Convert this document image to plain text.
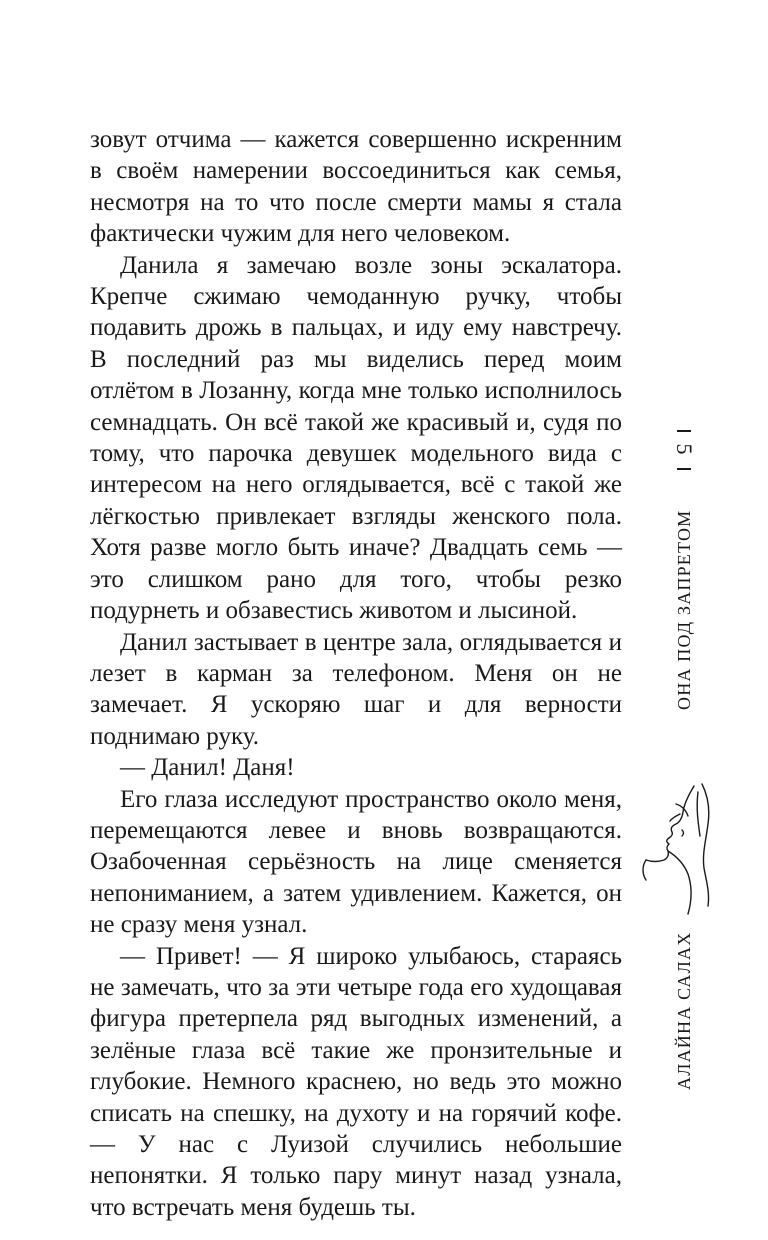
зовут отчима — кажется совершенно искренним в своём намерении воссоединиться как семья, несмотря на то что после смерти мамы я стала фактически чужим для него человеком.

Данила я замечаю возле зоны эскалатора. Крепче сжимаю чемоданную ручку, чтобы подавить дрожь в пальцах, и иду ему навстречу. В последний раз мы виделись перед моим отлётом в Лозанну, когда мне только исполнилось семнадцать. Он всё такой же красивый и, судя по тому, что парочка девушек модельного вида с интересом на него оглядывается, всё с такой же лёгкостью привлекает взгляды женского пола. Хотя разве могло быть иначе? Двадцать семь — это слишком рано для того, чтобы резко подурнеть и обзавестись животом и лысиной.

Данил застывает в центре зала, оглядывается и лезет в карман за телефоном. Меня он не замечает. Я ускоряю шаг и для верности поднимаю руку.

— Данил! Даня!

Его глаза исследуют пространство около меня, перемещаются левее и вновь возвращаются. Озабоченная серьёзность на лице сменяется непониманием, а затем удивлением. Кажется, он не сразу меня узнал.

— Привет! — Я широко улыбаюсь, стараясь не замечать, что за эти четыре года его худощавая фигура претерпела ряд выгодных изменений, а зелёные глаза всё такие же пронзительные и глубокие. Немного краснею, но ведь это можно списать на спешку, на духоту и на горячий кофе. — У нас с Луизой случились небольшие непонятки. Я только пару минут назад узнала, что встречать меня будешь ты.

5
ОНА ПОД ЗАПРЕТОМ
АЛАЙНА САЛАХ
